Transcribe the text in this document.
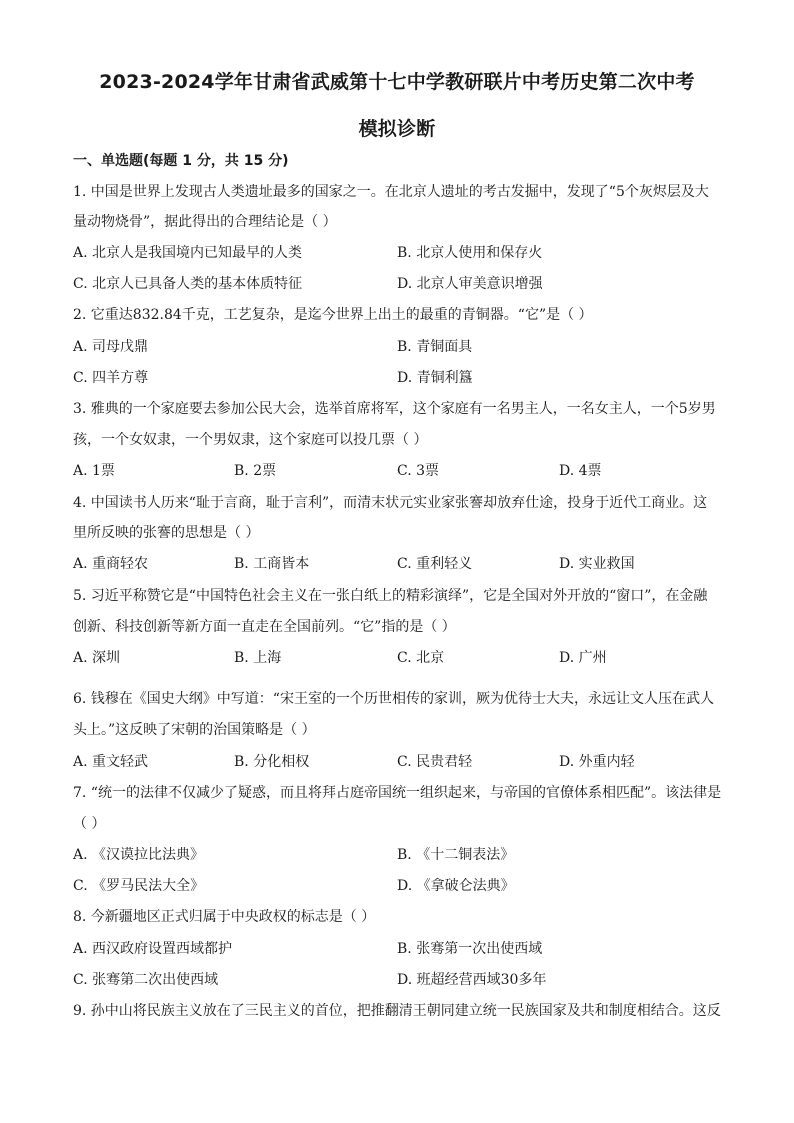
2023-2024学年甘肃省武威第十七中学教研联片中考历史第二次中考
模拟诊断
一、单选题(每题 1 分，共 15 分)
1. 中国是世界上发现古人类遗址最多的国家之一。在北京人遗址的考古发掘中，发现了“5个灰烬层及大
量动物烧骨”，据此得出的合理结论是（ ）
A. 北京人是我国境内已知最早的人类	B. 北京人使用和保存火
C. 北京人已具备人类的基本体质特征	D. 北京人审美意识增强
2. 它重达832.84千克，工艺复杂，是迄今世界上出土的最重的青铜器。“它”是（ ）
A. 司母戊鼎	B. 青铜面具
C. 四羊方尊	D. 青铜利簋
3. 雅典的一个家庭要去参加公民大会，选举首席将军，这个家庭有一名男主人，一名女主人，一个5岁男
孩，一个女奴隶，一个男奴隶，这个家庭可以投几票（ ）
A. 1票	B. 2票	C. 3票	D. 4票
4. 中国读书人历来“耻于言商，耻于言利”，而清末状元实业家张謇却放弃仕途，投身于近代工商业。这
里所反映的张謇的思想是（ ）
A. 重商轻农	B. 工商皆本	C. 重利轻义	D. 实业救国
5. 习近平称赞它是“中国特色社会主义在一张白纸上的精彩演绎”，它是全国对外开放的“窗口”，在金融
创新、科技创新等新方面一直走在全国前列。“它”指的是（ ）
A. 深圳	B. 上海	C. 北京	D. 广州
6. 钱穆在《国史大纲》中写道：“宋王室的一个历世相传的家训，厥为优待士大夫，永远让文人压在武人
头上。”这反映了宋朝的治国策略是（ ）
A. 重文轻武	B. 分化相权	C. 民贵君轻	D. 外重内轻
7. “统一的法律不仅减少了疑惑，而且将拜占庭帝国统一组织起来，与帝国的官僚体系相匹配”。该法律是
（ ）
A. 《汉谟拉比法典》	B. 《十二铜表法》
C. 《罗马民法大全》	D. 《拿破仑法典》
8. 今新疆地区正式归属于中央政权的标志是（ ）
A. 西汉政府设置西域都护	B. 张骞第一次出使西域
C. 张骞第二次出使西域	D. 班超经营西域30多年
9. 孙中山将民族主义放在了三民主义的首位，把推翻清王朝同建立统一民族国家及共和制度相结合。这反
